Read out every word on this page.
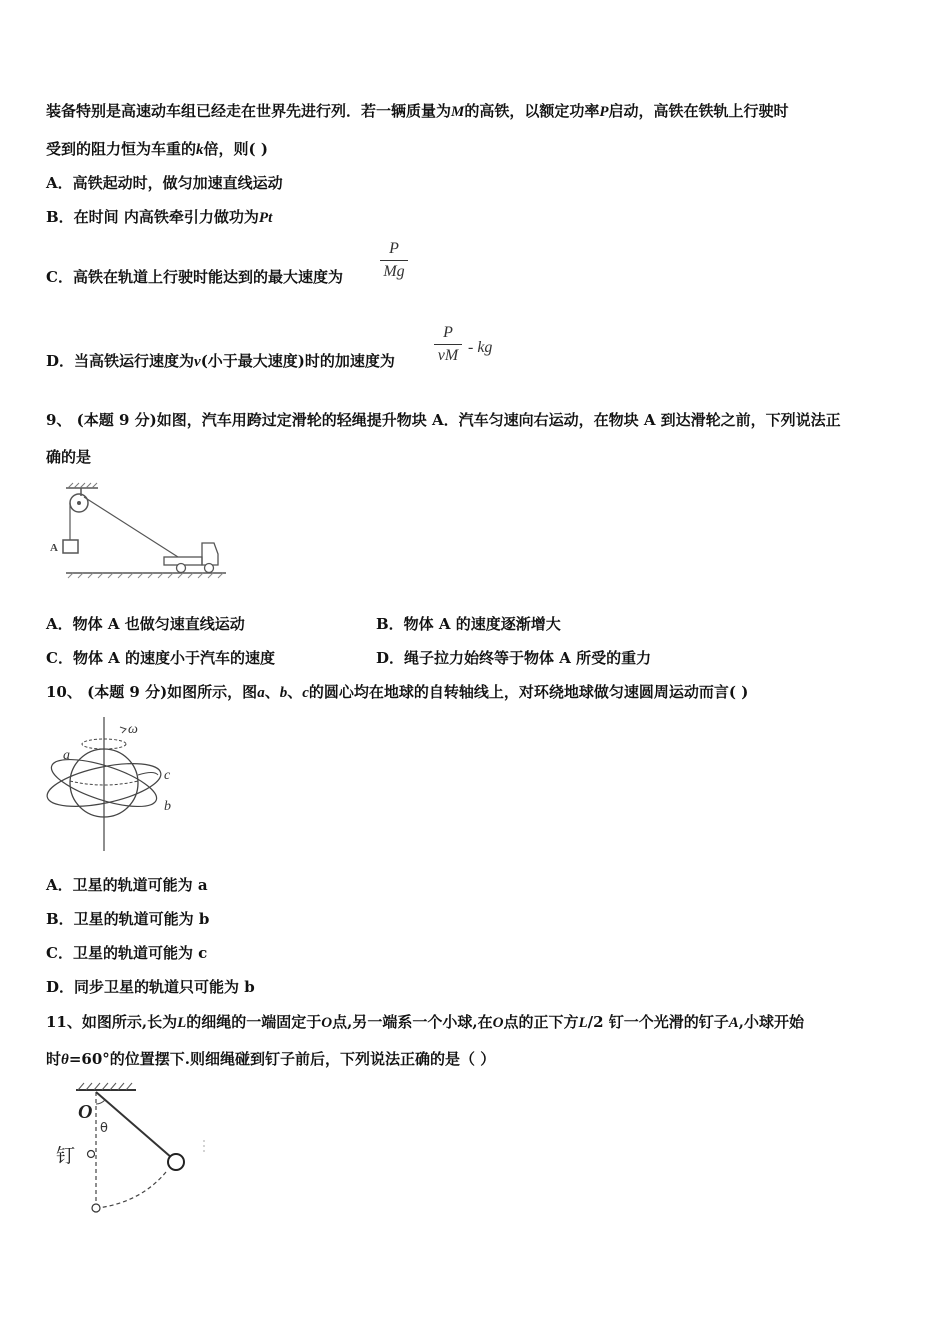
装备特别是高速动车组已经走在世界先进行列．若一辆质量为M的高铁，以额定功率P启动，高铁在铁轨上行驶时
受到的阻力恒为车重的k倍，则( )
A．高铁起动时，做匀加速直线运动
B．在时间 内高铁牵引力做功为Pt
C．高铁在轨道上行驶时能达到的最大速度为
P
Mg
D．当高铁运行速度为v(小于最大速度)时的加速度为
P
vM - kg
9、 (本题 9 分)如图，汽车用跨过定滑轮的轻绳提升物块 A．汽车匀速向右运动，在物块 A 到达滑轮之前，下列说法正
确的是
A
A．物体 A 也做匀速直线运动	B．物体 A 的速度逐渐增大
C．物体 A 的速度小于汽车的速度	D．绳子拉力始终等于物体 A 所受的重力
10、 (本题 9 分)如图所示，图a、b、c的圆心均在地球的自转轴线上，对环绕地球做匀速圆周运动而言( )
ω
a
c
b
A．卫星的轨道可能为 a
B．卫星的轨道可能为 b
C．卫星的轨道可能为 c
D．同步卫星的轨道只可能为 b
11、如图所示,长为L的细绳的一端固定于O点,另一端系一个小球,在O点的正下方L/2 钉一个光滑的钉子A,小球开始
时θ=60°的位置摆下.则细绳碰到钉子前后，下列说法正确的是（ ）
O
θ
钉
